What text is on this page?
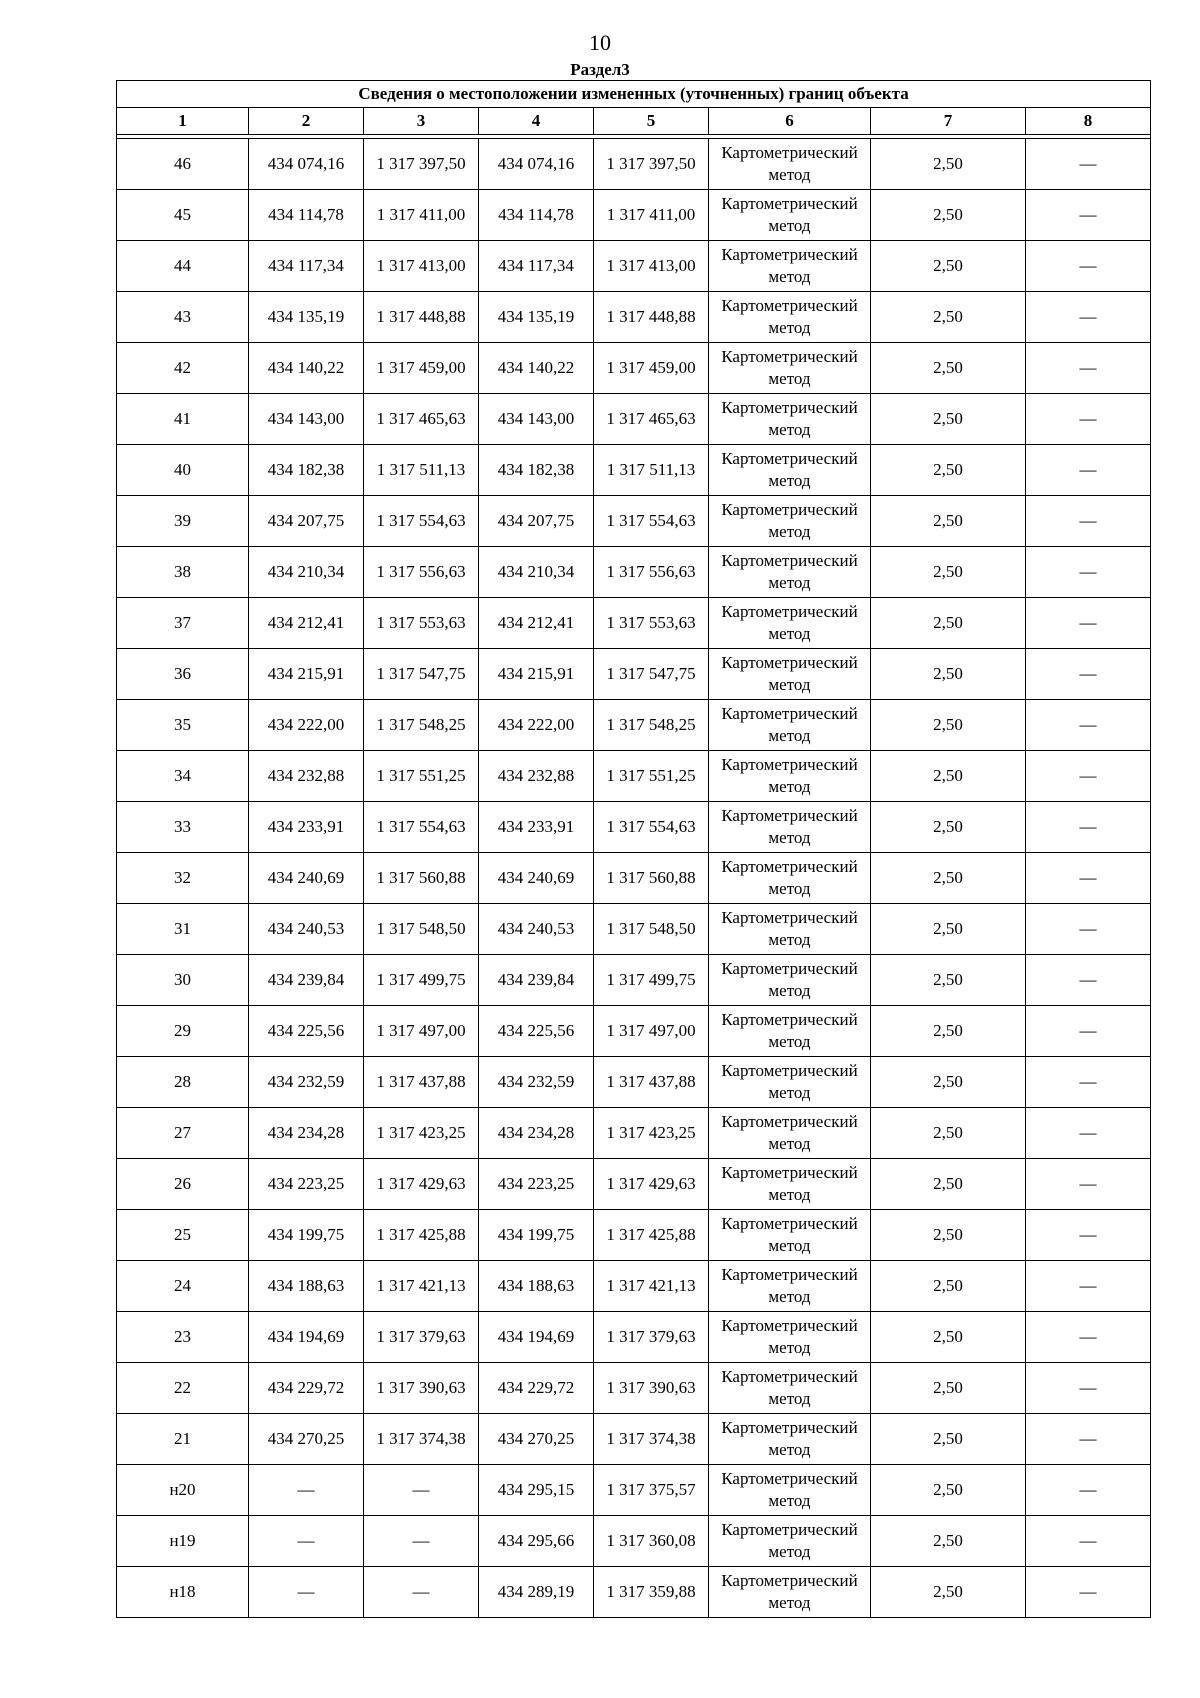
10
Раздел3
Сведения о местоположении измененных (уточненных) границ объекта							
1	2	3	4	5	6	7	8

46	434 074,16	1 317 397,50	434 074,16	1 317 397,50	Картометрический метод	2,50	—
45	434 114,78	1 317 411,00	434 114,78	1 317 411,00	Картометрический метод	2,50	—
44	434 117,34	1 317 413,00	434 117,34	1 317 413,00	Картометрический метод	2,50	—
43	434 135,19	1 317 448,88	434 135,19	1 317 448,88	Картометрический метод	2,50	—
42	434 140,22	1 317 459,00	434 140,22	1 317 459,00	Картометрический метод	2,50	—
41	434 143,00	1 317 465,63	434 143,00	1 317 465,63	Картометрический метод	2,50	—
40	434 182,38	1 317 511,13	434 182,38	1 317 511,13	Картометрический метод	2,50	—
39	434 207,75	1 317 554,63	434 207,75	1 317 554,63	Картометрический метод	2,50	—
38	434 210,34	1 317 556,63	434 210,34	1 317 556,63	Картометрический метод	2,50	—
37	434 212,41	1 317 553,63	434 212,41	1 317 553,63	Картометрический метод	2,50	—
36	434 215,91	1 317 547,75	434 215,91	1 317 547,75	Картометрический метод	2,50	—
35	434 222,00	1 317 548,25	434 222,00	1 317 548,25	Картометрический метод	2,50	—
34	434 232,88	1 317 551,25	434 232,88	1 317 551,25	Картометрический метод	2,50	—
33	434 233,91	1 317 554,63	434 233,91	1 317 554,63	Картометрический метод	2,50	—
32	434 240,69	1 317 560,88	434 240,69	1 317 560,88	Картометрический метод	2,50	—
31	434 240,53	1 317 548,50	434 240,53	1 317 548,50	Картометрический метод	2,50	—
30	434 239,84	1 317 499,75	434 239,84	1 317 499,75	Картометрический метод	2,50	—
29	434 225,56	1 317 497,00	434 225,56	1 317 497,00	Картометрический метод	2,50	—
28	434 232,59	1 317 437,88	434 232,59	1 317 437,88	Картометрический метод	2,50	—
27	434 234,28	1 317 423,25	434 234,28	1 317 423,25	Картометрический метод	2,50	—
26	434 223,25	1 317 429,63	434 223,25	1 317 429,63	Картометрический метод	2,50	—
25	434 199,75	1 317 425,88	434 199,75	1 317 425,88	Картометрический метод	2,50	—
24	434 188,63	1 317 421,13	434 188,63	1 317 421,13	Картометрический метод	2,50	—
23	434 194,69	1 317 379,63	434 194,69	1 317 379,63	Картометрический метод	2,50	—
22	434 229,72	1 317 390,63	434 229,72	1 317 390,63	Картометрический метод	2,50	—
21	434 270,25	1 317 374,38	434 270,25	1 317 374,38	Картометрический метод	2,50	—
н20	—	—	434 295,15	1 317 375,57	Картометрический метод	2,50	—
н19	—	—	434 295,66	1 317 360,08	Картометрический метод	2,50	—
н18	—	—	434 289,19	1 317 359,88	Картометрический метод	2,50	—
